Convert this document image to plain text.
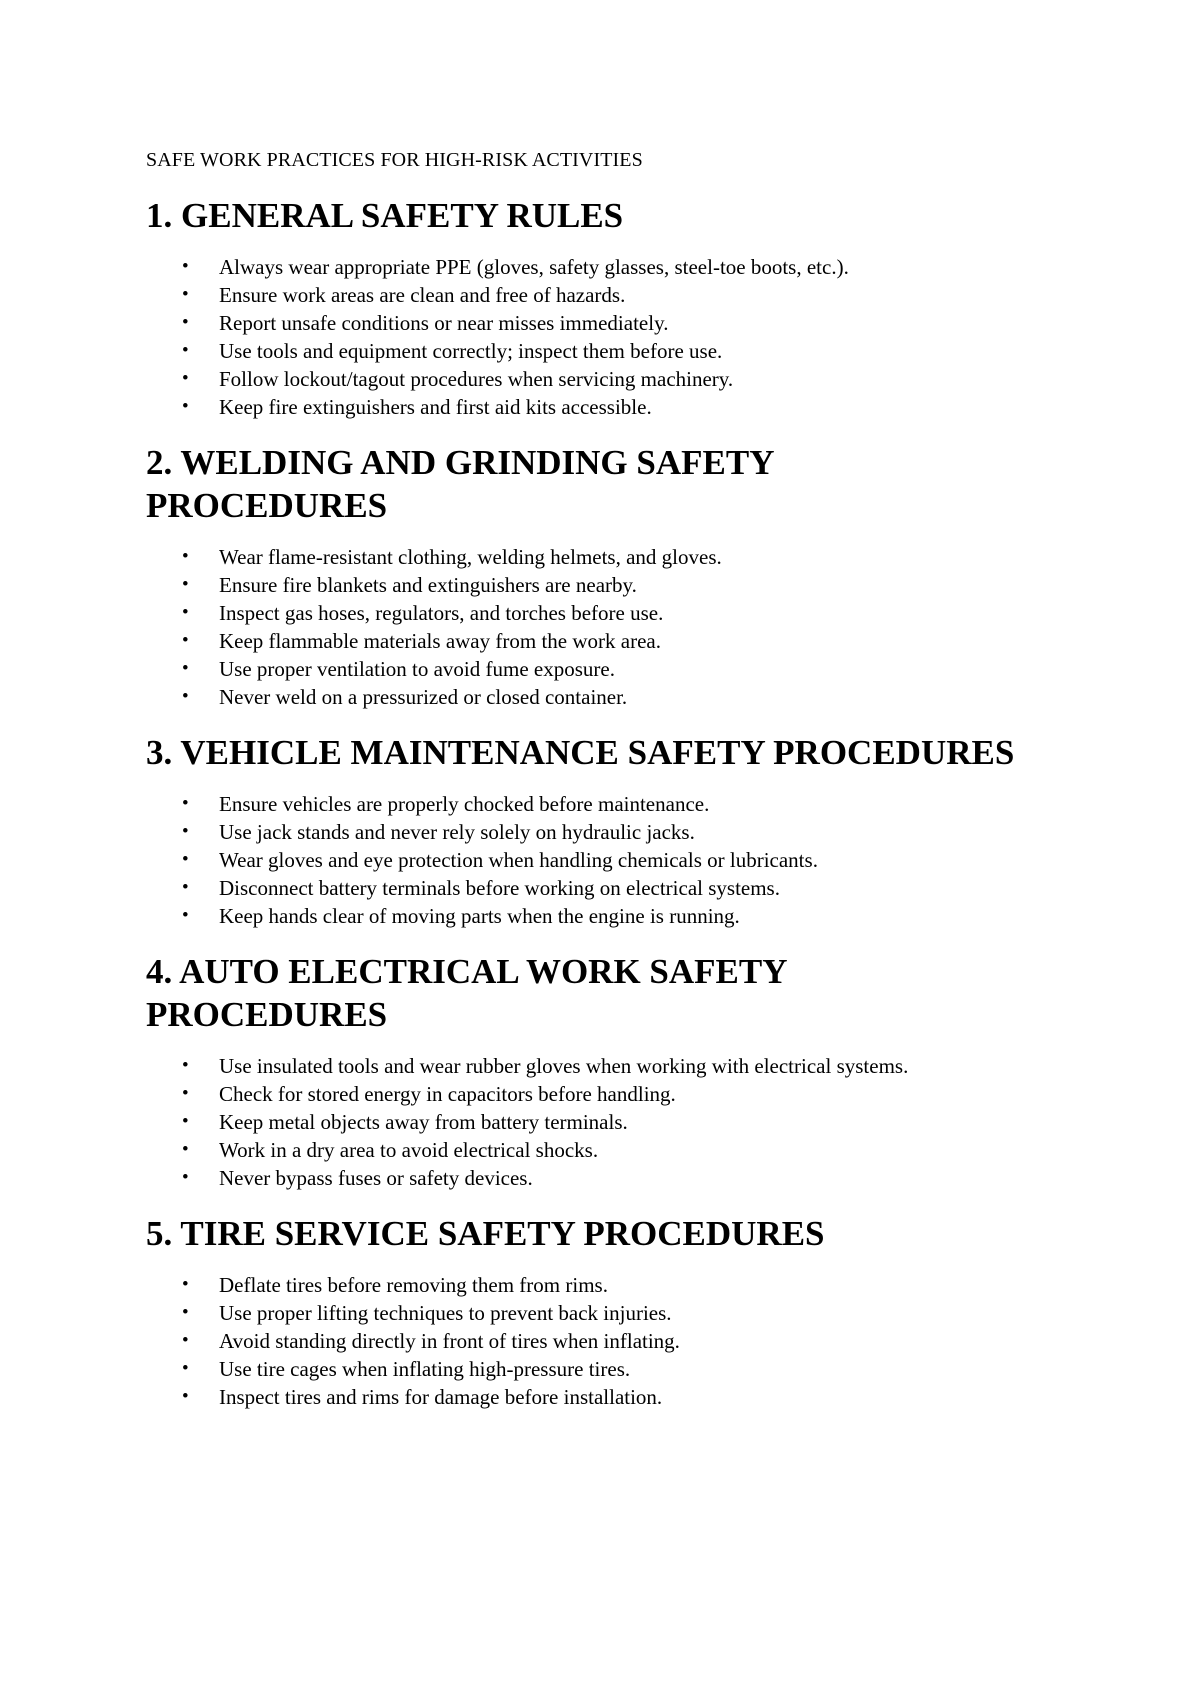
SAFE WORK PRACTICES FOR HIGH-RISK ACTIVITIES
1. GENERAL SAFETY RULES
• Always wear appropriate PPE (gloves, safety glasses, steel-toe boots, etc.).
• Ensure work areas are clean and free of hazards.
• Report unsafe conditions or near misses immediately.
• Use tools and equipment correctly; inspect them before use.
• Follow lockout/tagout procedures when servicing machinery.
• Keep fire extinguishers and first aid kits accessible.
2. WELDING AND GRINDING SAFETY PROCEDURES
• Wear flame-resistant clothing, welding helmets, and gloves.
• Ensure fire blankets and extinguishers are nearby.
• Inspect gas hoses, regulators, and torches before use.
• Keep flammable materials away from the work area.
• Use proper ventilation to avoid fume exposure.
• Never weld on a pressurized or closed container.
3. VEHICLE MAINTENANCE SAFETY PROCEDURES
• Ensure vehicles are properly chocked before maintenance.
• Use jack stands and never rely solely on hydraulic jacks.
• Wear gloves and eye protection when handling chemicals or lubricants.
• Disconnect battery terminals before working on electrical systems.
• Keep hands clear of moving parts when the engine is running.
4. AUTO ELECTRICAL WORK SAFETY PROCEDURES
• Use insulated tools and wear rubber gloves when working with electrical systems.
• Check for stored energy in capacitors before handling.
• Keep metal objects away from battery terminals.
• Work in a dry area to avoid electrical shocks.
• Never bypass fuses or safety devices.
5. TIRE SERVICE SAFETY PROCEDURES
• Deflate tires before removing them from rims.
• Use proper lifting techniques to prevent back injuries.
• Avoid standing directly in front of tires when inflating.
• Use tire cages when inflating high-pressure tires.
• Inspect tires and rims for damage before installation.
